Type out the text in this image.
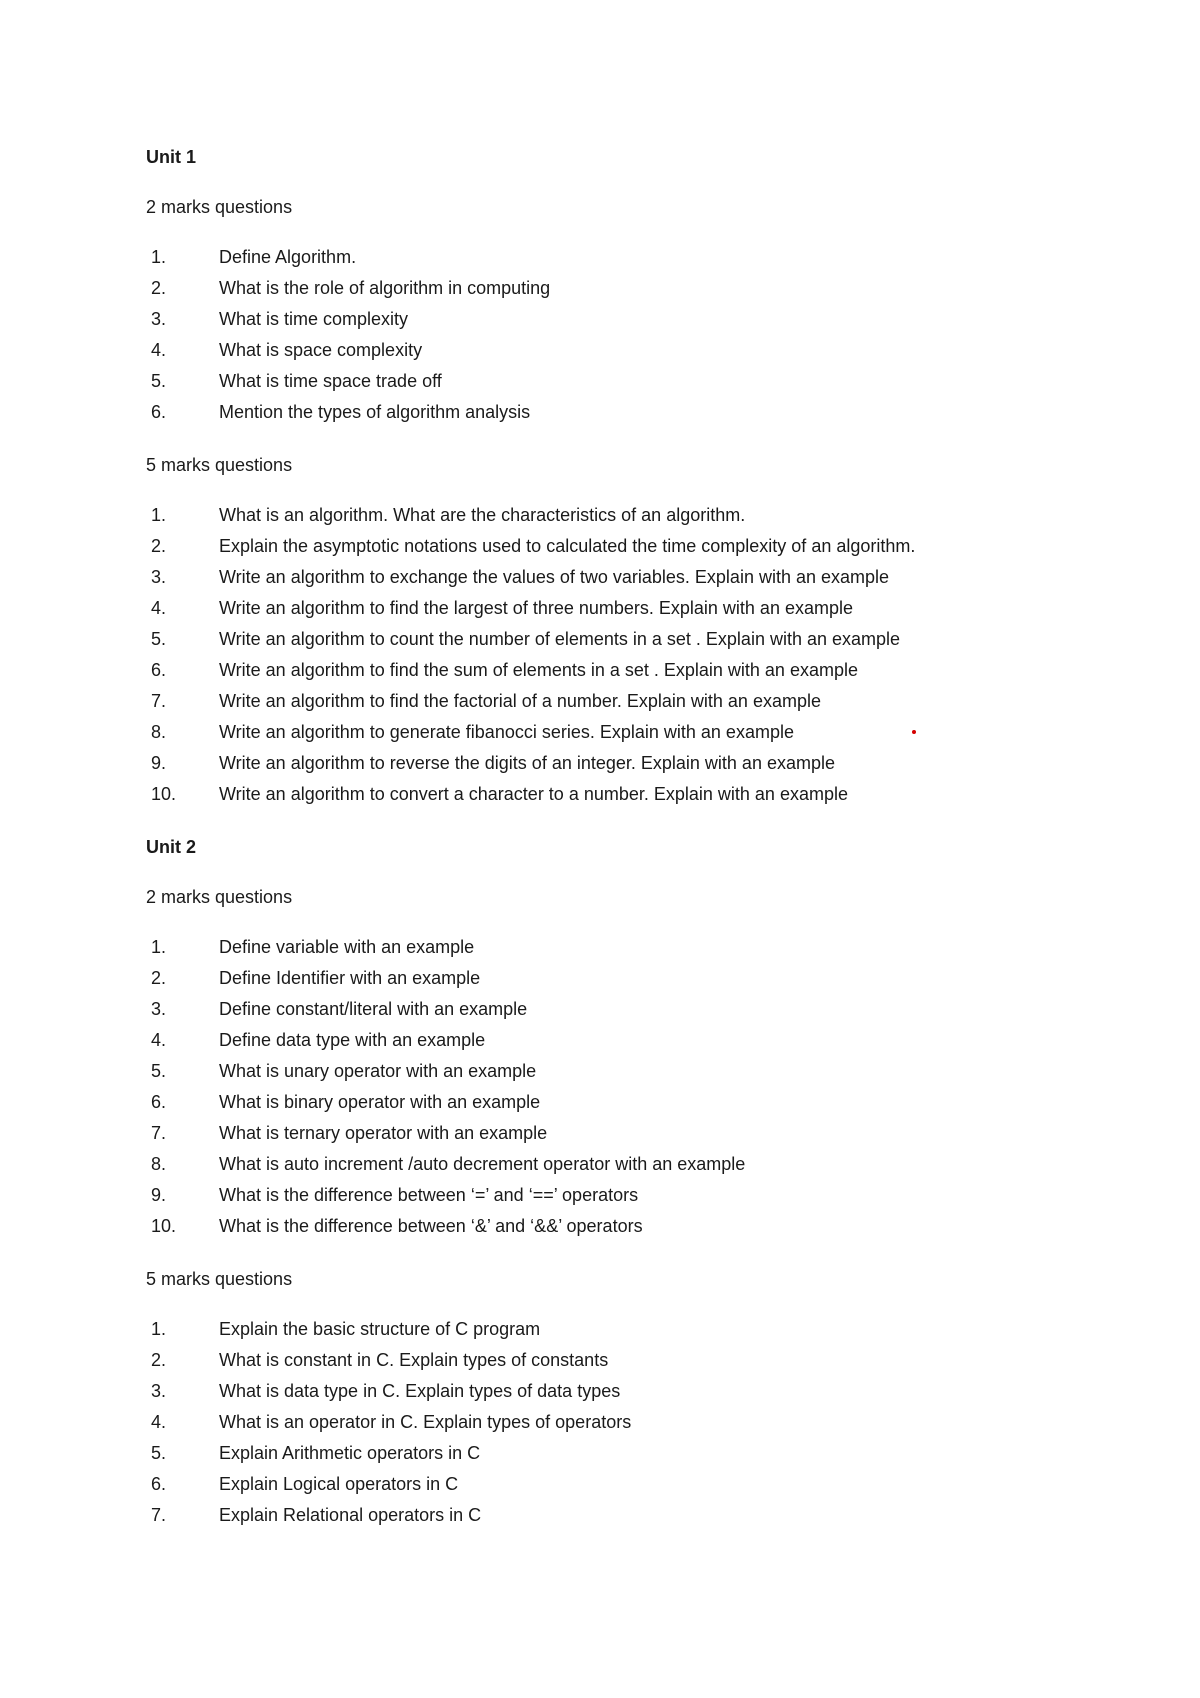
Unit 1

2 marks questions

1.	Define Algorithm.
2.	What is the role of algorithm in computing
3.	What is time complexity
4.	What is space complexity
5.	What is time space trade off
6.	Mention the types of algorithm analysis

5 marks questions

1.	What is an algorithm. What are the characteristics of an algorithm.
2.	Explain the asymptotic notations used to calculated the time complexity of an algorithm.
3.	Write an algorithm to exchange the values of two variables. Explain with an example
4.	Write an algorithm to find the largest of three numbers. Explain with an example
5.	Write an algorithm to count the number of elements in a set . Explain with an example
6.	Write an algorithm to find the sum of elements in a set . Explain with an example
7.	Write an algorithm to find the factorial of a number. Explain with an example
8.	Write an algorithm to generate fibanocci series. Explain with an example
9.	Write an algorithm to reverse the digits of an integer. Explain with an example
10.	Write an algorithm to convert a character to a number. Explain with an example

Unit 2

2 marks questions

1.	Define variable with an example
2.	Define Identifier with an example
3.	Define constant/literal with an example
4.	Define data type with an example
5.	What is unary operator with an example
6.	What is binary operator with an example
7.	What is ternary operator with an example
8.	What is auto increment /auto decrement operator with an example
9.	What is the difference between ‘=’ and ‘==’ operators
10.	What is the difference between ‘&’ and ‘&&’ operators

5 marks questions

1.	Explain the basic structure of C program
2.	What is constant in C. Explain types of constants
3.	What is data type in C. Explain types of data types
4.	What is an operator in C. Explain types of operators
5.	Explain Arithmetic operators in C
6.	Explain Logical operators in C
7.	Explain Relational operators in C
